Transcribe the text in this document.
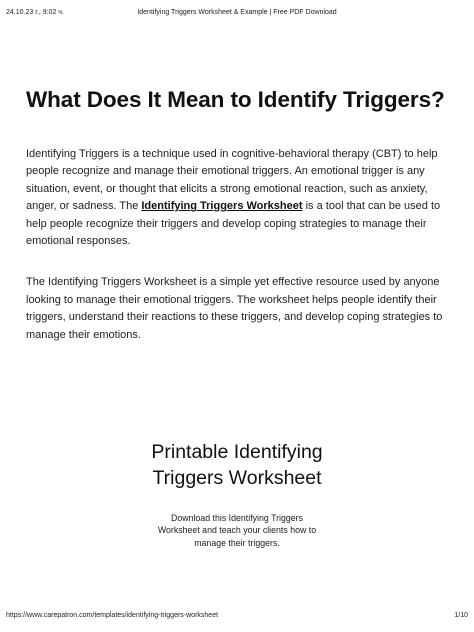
24.10.23 г., 9:02 ч.	Identifying Triggers Worksheet & Example | Free PDF Download
What Does It Mean to Identify Triggers?

Identifying Triggers is a technique used in cognitive-behavioral therapy (CBT) to help people recognize and manage their emotional triggers. An emotional trigger is any situation, event, or thought that elicits a strong emotional reaction, such as anxiety, anger, or sadness. The Identifying Triggers Worksheet is a tool that can be used to help people recognize their triggers and develop coping strategies to manage their emotional responses.

The Identifying Triggers Worksheet is a simple yet effective resource used by anyone looking to manage their emotional triggers. The worksheet helps people identify their triggers, understand their reactions to these triggers, and develop coping strategies to manage their emotions.

Printable Identifying Triggers Worksheet

Download this Identifying Triggers Worksheet and teach your clients how to manage their triggers.

https://www.carepatron.com/templates/identifying-triggers-worksheet	1/10
